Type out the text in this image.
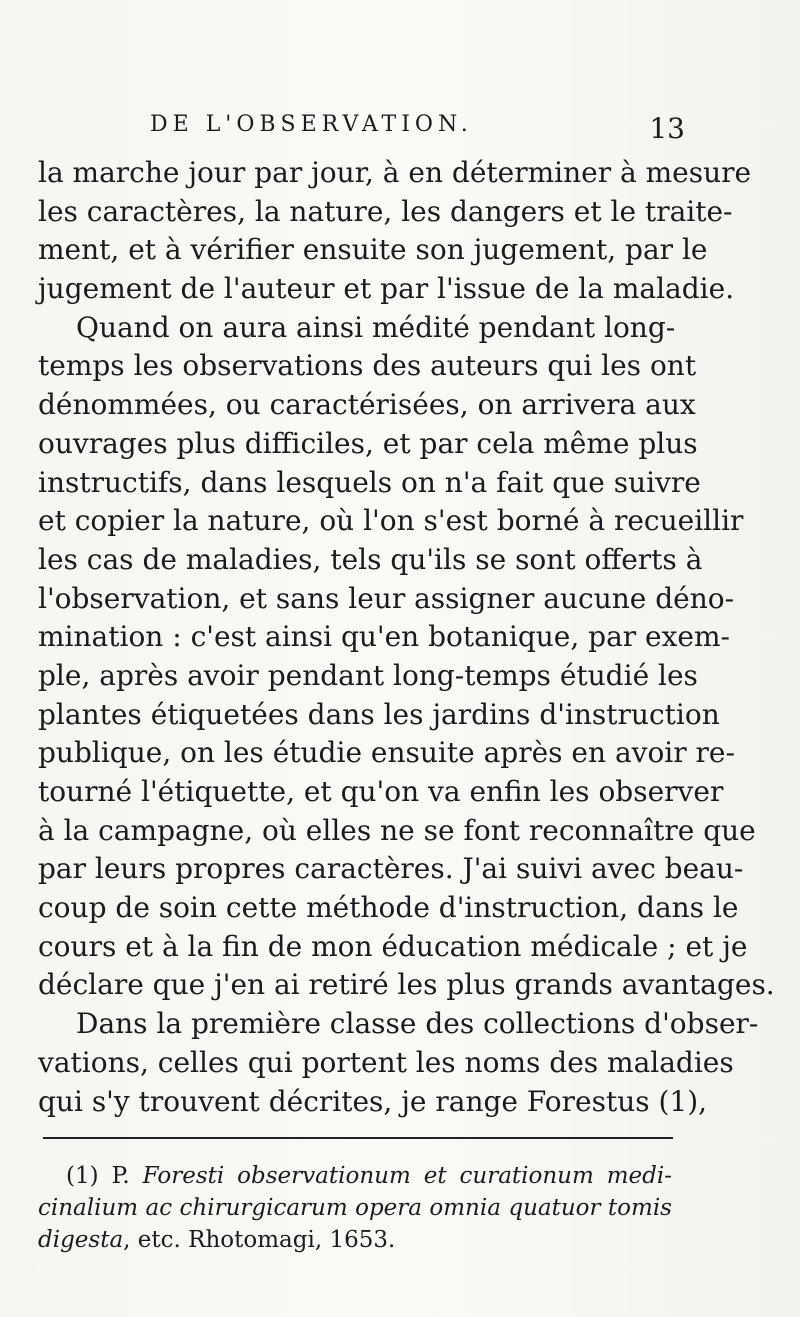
DE L'OBSERVATION.	13
la marche jour par jour, à en déterminer à mesure
les caractères, la nature, les dangers et le traite-
ment, et à vérifier ensuite son jugement, par le
jugement de l'auteur et par l'issue de la maladie.
Quand on aura ainsi médité pendant long-
temps les observations des auteurs qui les ont
dénommées, ou caractérisées, on arrivera aux
ouvrages plus difficiles, et par cela même plus
instructifs, dans lesquels on n'a fait que suivre
et copier la nature, où l'on s'est borné à recueillir
les cas de maladies, tels qu'ils se sont offerts à
l'observation, et sans leur assigner aucune déno-
mination : c'est ainsi qu'en botanique, par exem-
ple, après avoir pendant long-temps étudié les
plantes étiquetées dans les jardins d'instruction
publique, on les étudie ensuite après en avoir re-
tourné l'étiquette, et qu'on va enfin les observer
à la campagne, où elles ne se font reconnaître que
par leurs propres caractères. J'ai suivi avec beau-
coup de soin cette méthode d'instruction, dans le
cours et à la fin de mon éducation médicale ; et je
déclare que j'en ai retiré les plus grands avantages.
Dans la première classe des collections d'obser-
vations, celles qui portent les noms des maladies
qui s'y trouvent décrites, je range Forestus (1),
(1) P. Foresti observationum et curationum medi-
cinalium ac chirurgicarum opera omnia quatuor tomis
digesta, etc. Rhotomagi, 1653.
